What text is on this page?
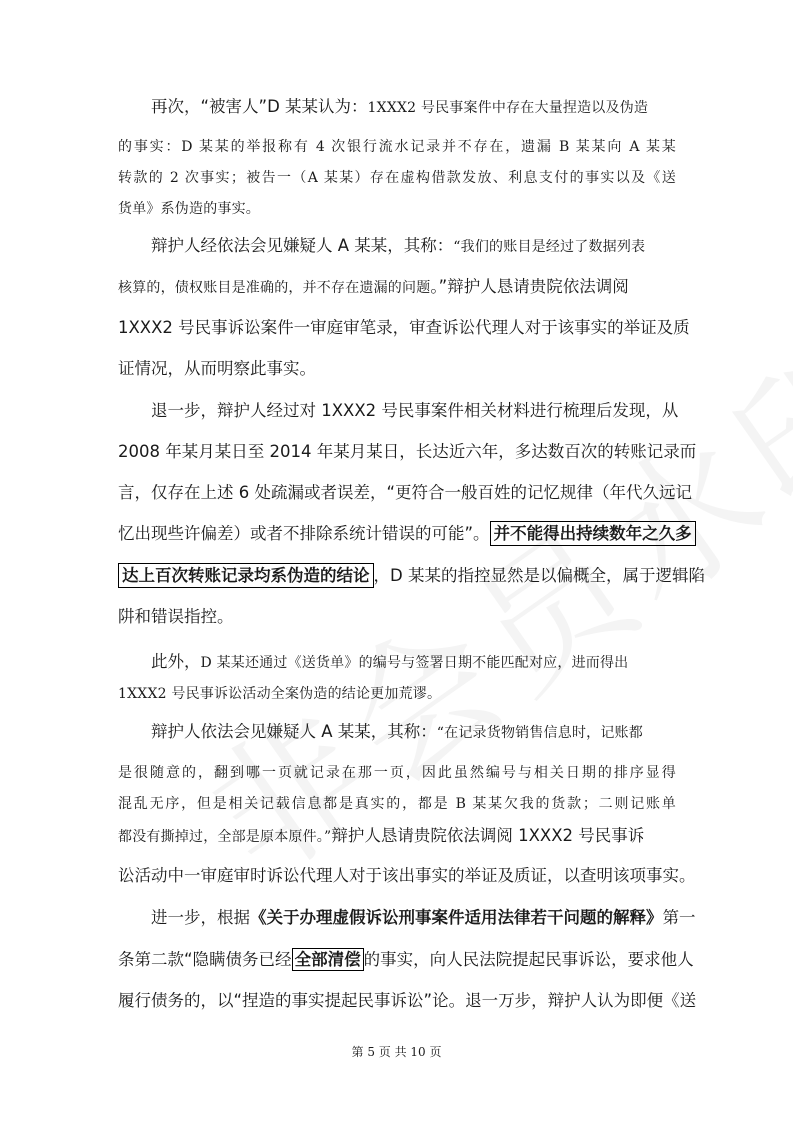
再次，“被害人”D 某某认为：1XXX2 号民事案件中存在大量捏造以及伪造
的事实：D 某某的举报称有 4 次银行流水记录并不存在，遗漏 B 某某向 A 某某
转款的 2 次事实；被告一（A 某某）存在虚构借款发放、利息支付的事实以及《送
货单》系伪造的事实。
辩护人经依法会见嫌疑人 A 某某，其称：“我们的账目是经过了数据列表
核算的，债权账目是准确的，并不存在遗漏的问题。”辩护人恳请贵院依法调阅
1XXX2 号民事诉讼案件一审庭审笔录，审查诉讼代理人对于该事实的举证及质
证情况，从而明察此事实。
退一步，辩护人经过对 1XXX2 号民事案件相关材料进行梳理后发现，从
2008 年某月某日至 2014 年某月某日，长达近六年，多达数百次的转账记录而
言，仅存在上述 6 处疏漏或者误差，“更符合一般百姓的记忆规律（年代久远记
忆出现些许偏差）或者不排除系统计错误的可能”。 并不能得出持续数年之久多
达上百次转账记录均系伪造的结论 ，D 某某的指控显然是以偏概全，属于逻辑陷
阱和错误指控。
此外，D 某某还通过《送货单》的编号与签署日期不能匹配对应，进而得出
1XXX2 号民事诉讼活动全案伪造的结论更加荒谬。
辩护人依法会见嫌疑人 A 某某，其称：“在记录货物销售信息时，记账都
是很随意的，翻到哪一页就记录在那一页，因此虽然编号与相关日期的排序显得
混乱无序，但是相关记载信息都是真实的，都是 B 某某欠我的货款；二则记账单
都没有撕掉过，全部是原本原件。”辩护人恳请贵院依法调阅 1XXX2 号民事诉
讼活动中一审庭审时诉讼代理人对于该出事实的举证及质证，以查明该项事实。
进一步，根据《关于办理虚假诉讼刑事案件适用法律若干问题的解释》第一
条第二款“隐瞒债务已经 全部清偿 的事实，向人民法院提起民事诉讼，要求他人
履行债务的，以“捏造的事实提起民事诉讼”论。退一万步，辩护人认为即便《送
第 5 页 共 10 页
